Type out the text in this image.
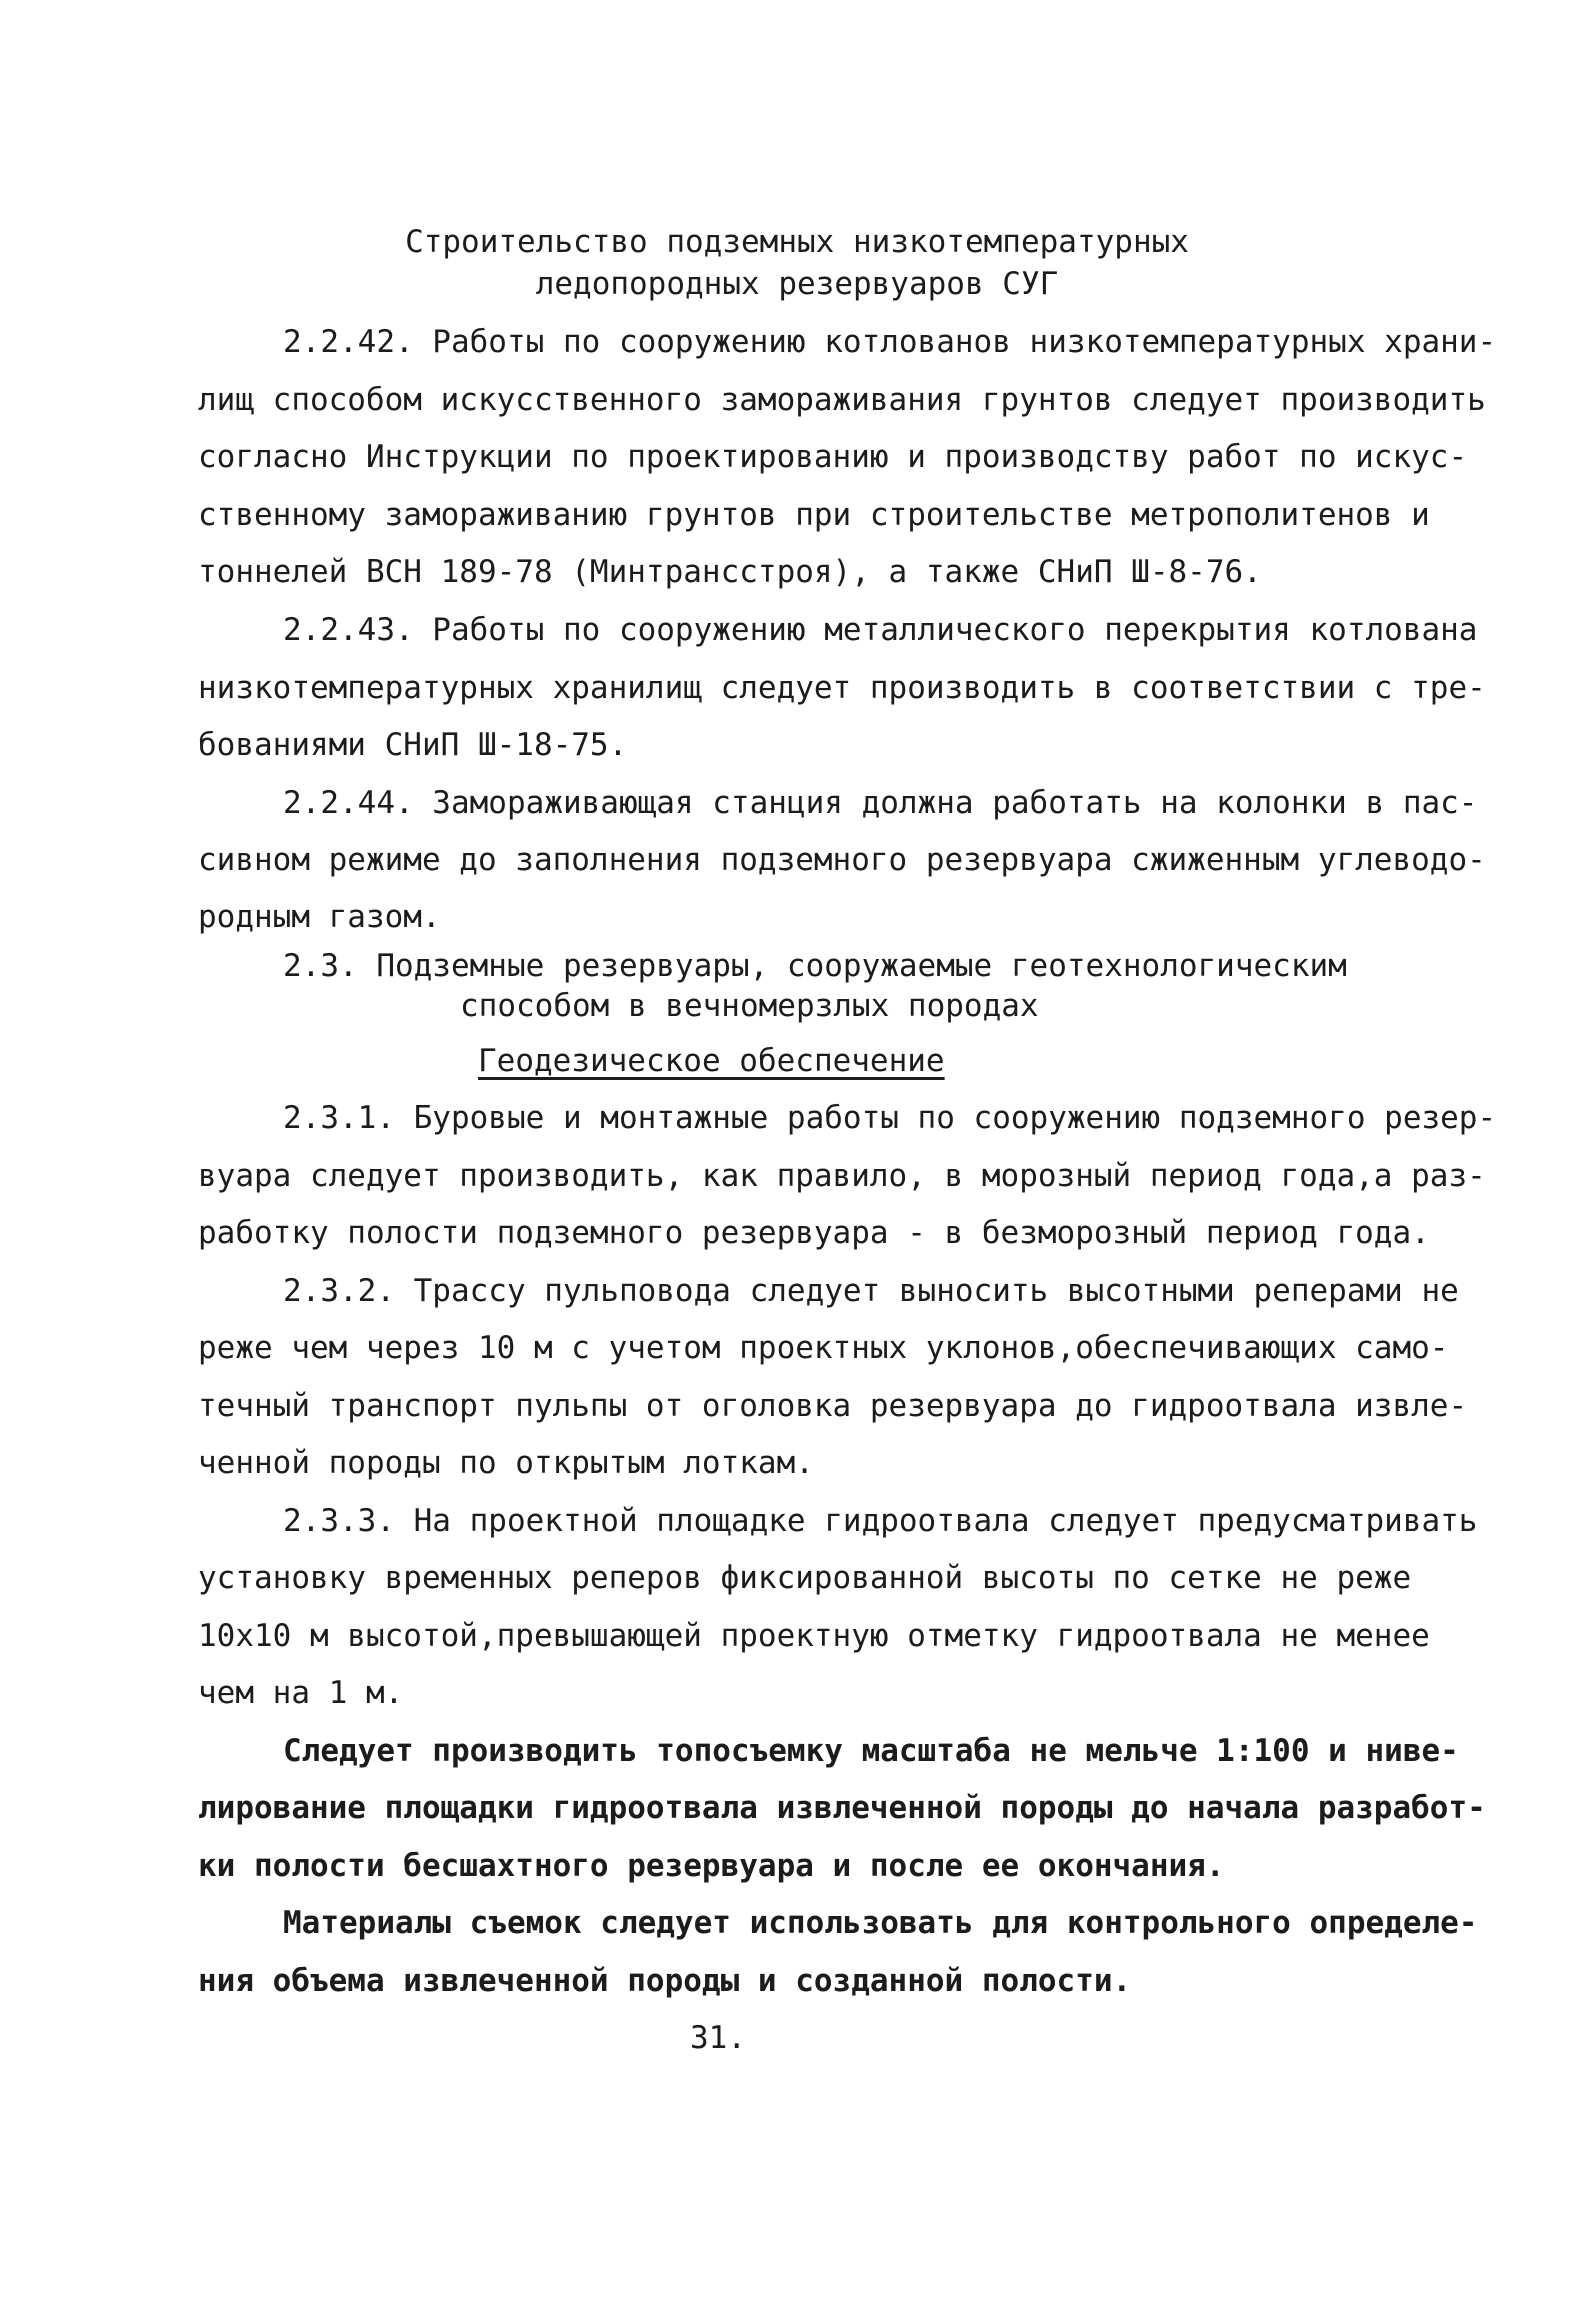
Строительство подземных низкотемпературных
ледопородных резервуаров СУГ
2.2.42. Работы по сооружению котлованов низкотемпературных храни-
лищ способом искусственного замораживания грунтов следует производить
согласно Инструкции по проектированию и производству работ по искус-
ственному замораживанию грунтов при строительстве метрополитенов и
тоннелей ВСН 189-78 (Минтрансстроя), а также СНиП Ш-8-76.
2.2.43. Работы по сооружению металлического перекрытия котлована
низкотемпературных хранилищ следует производить в соответствии с тре-
бованиями СНиП Ш-18-75.
2.2.44. Замораживающая станция должна работать на колонки в пас-
сивном режиме до заполнения подземного резервуара сжиженным углеводо-
родным газом.
2.3. Подземные резервуары, сооружаемые геотехнологическим
способом в вечномерзлых породах
Геодезическое обеспечение
2.3.1. Буровые и монтажные работы по сооружению подземного резер-
вуара следует производить, как правило, в морозный период года,а раз-
работку полости подземного резервуара - в безморозный период года.
2.3.2. Трассу пульповода следует выносить высотными реперами не
реже чем через 10 м с учетом проектных уклонов,обеспечивающих само-
течный транспорт пульпы от оголовка резервуара до гидроотвала извле-
ченной породы по открытым лоткам.
2.3.3. На проектной площадке гидроотвала следует предусматривать
установку временных реперов фиксированной высоты по сетке не реже
10х10 м высотой,превышающей проектную отметку гидроотвала не менее
чем на 1 м.
Следует производить топосъемку масштаба не мельче 1:100 и нивe-
лирование площадки гидроотвала извлеченной породы до начала разработ-
ки полости бесшахтного резервуара и после ее окончания.
Материалы съемок следует использовать для контрольного определе-
ния объема извлеченной породы и созданной полости.
31.
